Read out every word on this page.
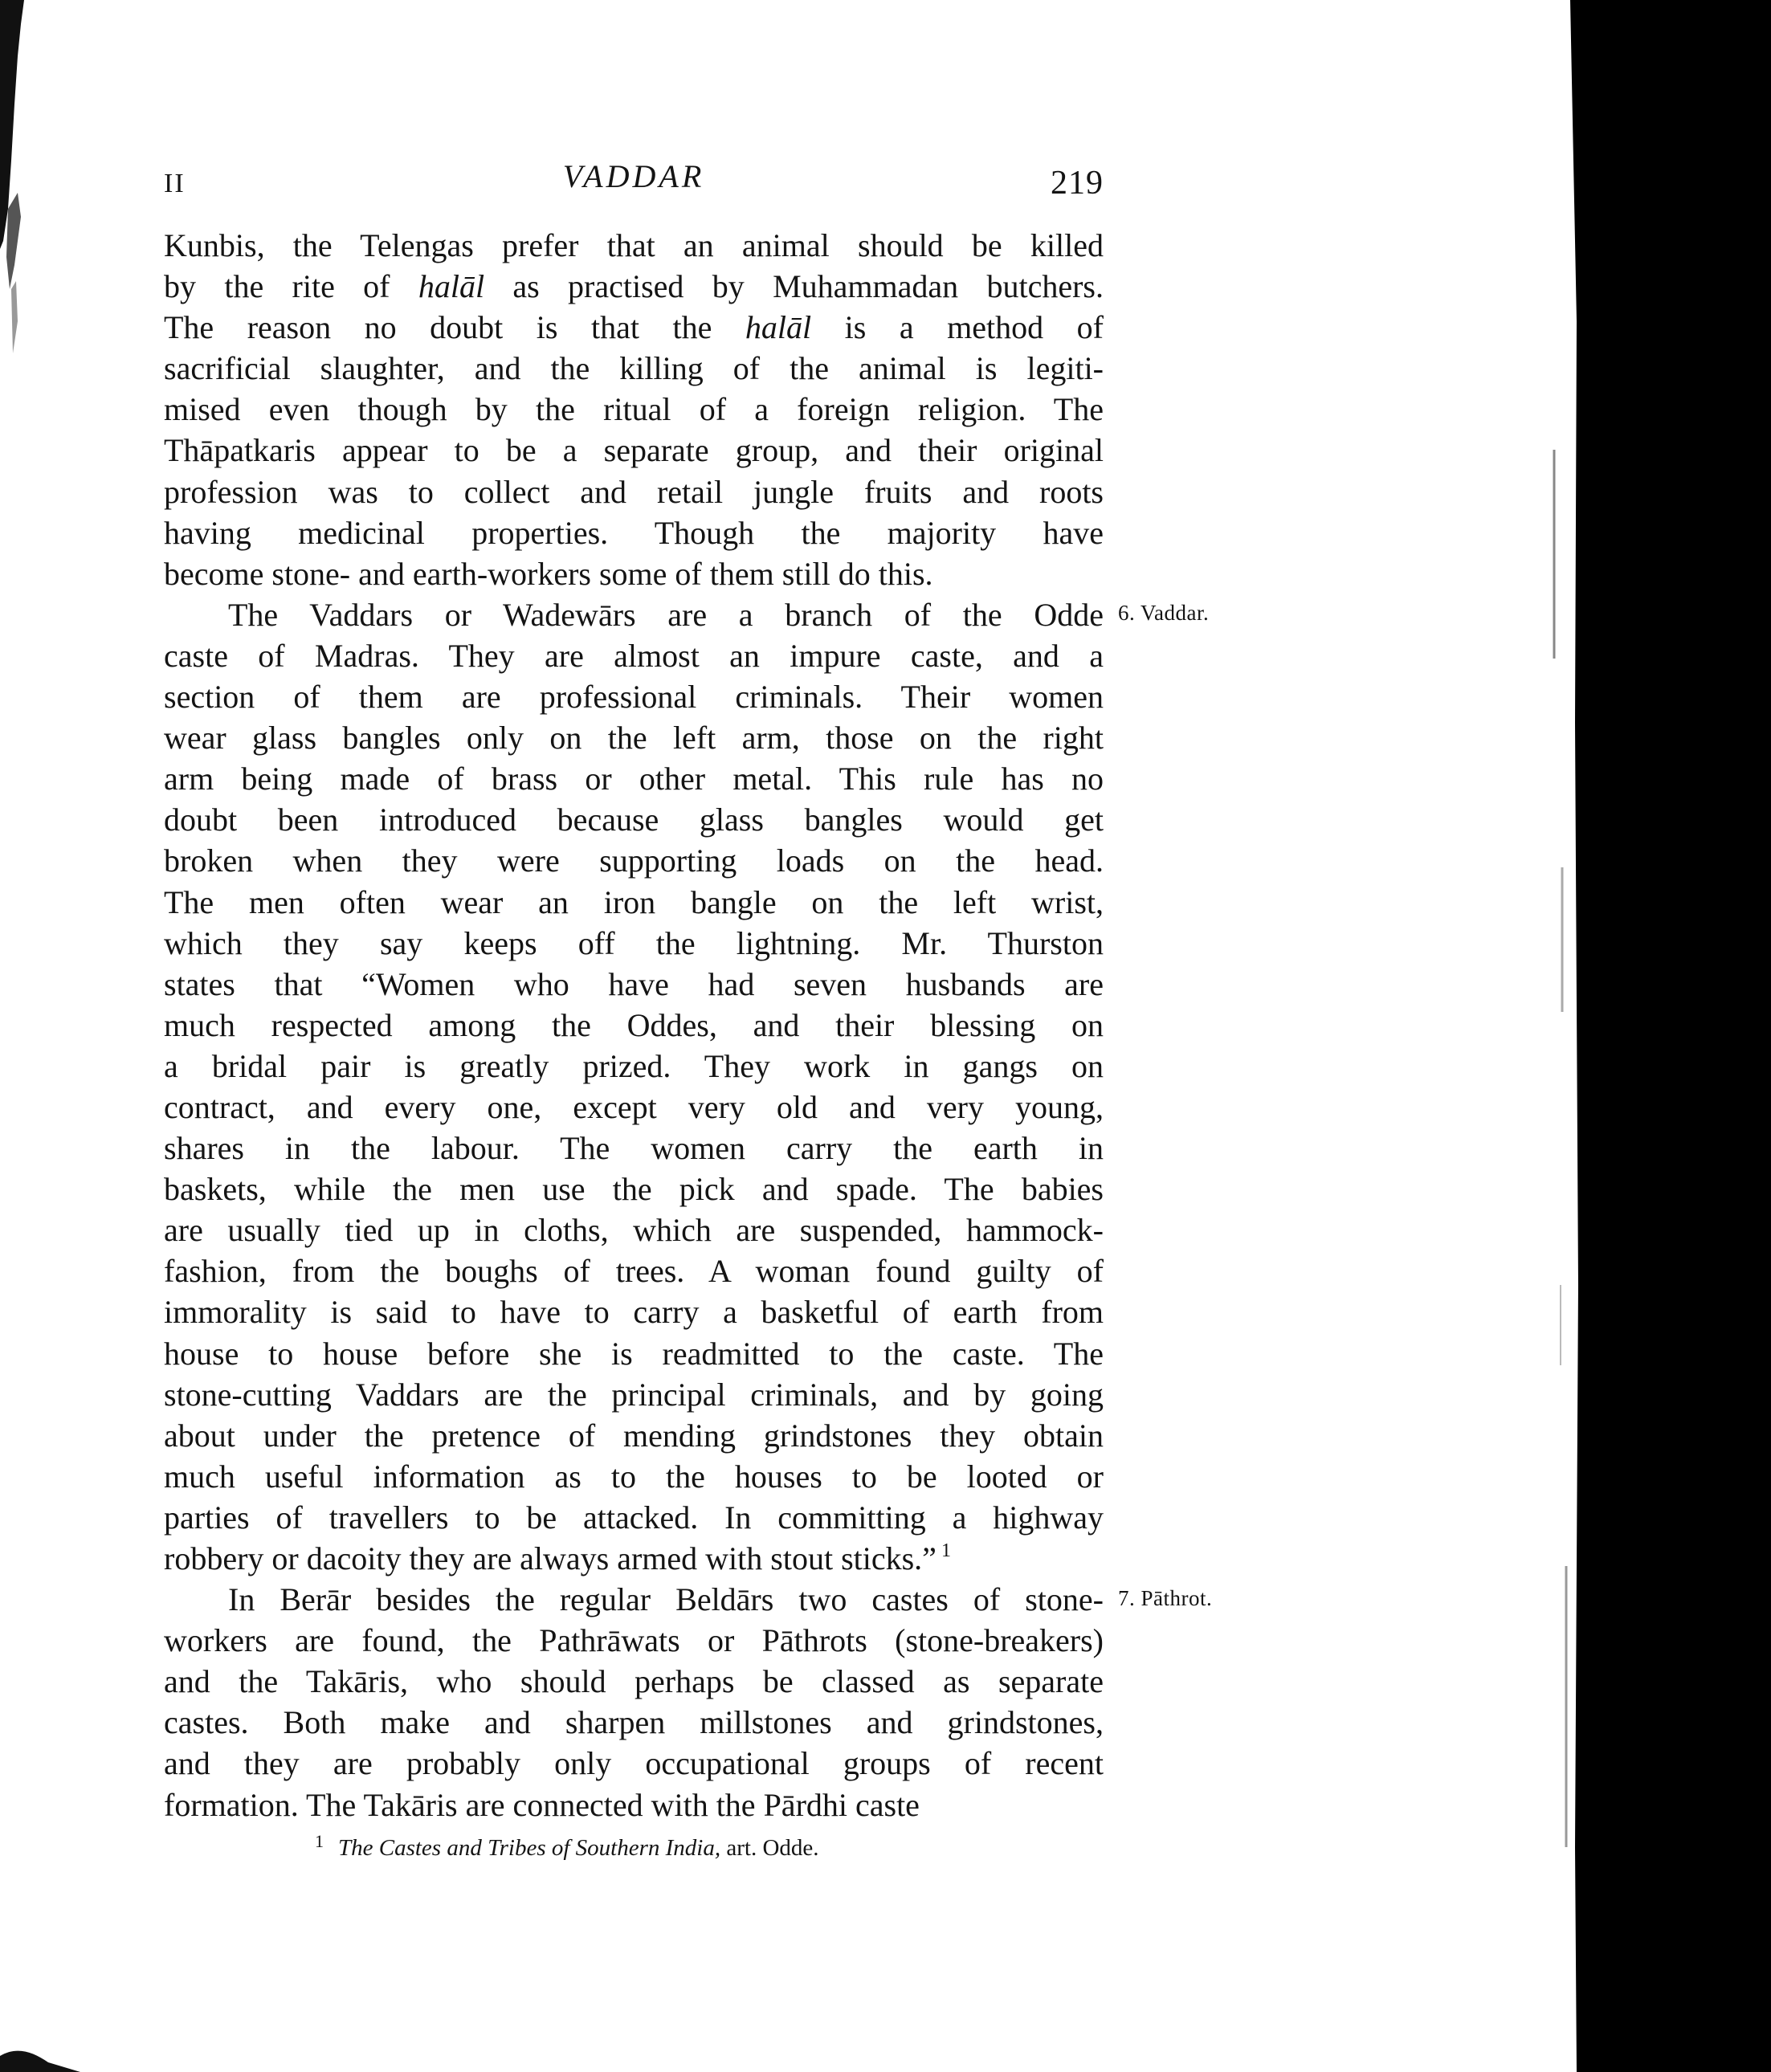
II	VADDAR	219
Kunbis, the Telengas prefer that an animal should be killed
by the rite of halāl as practised by Muhammadan butchers.
The reason no doubt is that the halāl is a method of
sacrificial slaughter, and the killing of the animal is legiti-
mised even though by the ritual of a foreign religion. The
Thāpatkaris appear to be a separate group, and their original
profession was to collect and retail jungle fruits and roots
having medicinal properties. Though the majority have
become stone- and earth-workers some of them still do this.
The Vaddars or Wadewārs are a branch of the Odde
caste of Madras. They are almost an impure caste, and a
section of them are professional criminals. Their women
wear glass bangles only on the left arm, those on the right
arm being made of brass or other metal. This rule has no
doubt been introduced because glass bangles would get
broken when they were supporting loads on the head.
The men often wear an iron bangle on the left wrist,
which they say keeps off the lightning. Mr. Thurston
states that “Women who have had seven husbands are
much respected among the Oddes, and their blessing on
a bridal pair is greatly prized. They work in gangs on
contract, and every one, except very old and very young,
shares in the labour. The women carry the earth in
baskets, while the men use the pick and spade. The babies
are usually tied up in cloths, which are suspended, hammock-
fashion, from the boughs of trees. A woman found guilty of
immorality is said to have to carry a basketful of earth from
house to house before she is readmitted to the caste. The
stone-cutting Vaddars are the principal criminals, and by going
about under the pretence of mending grindstones they obtain
much useful information as to the houses to be looted or
parties of travellers to be attacked. In committing a highway
robbery or dacoity they are always armed with stout sticks.” $^1$
In Berār besides the regular Beldārs two castes of stone-
workers are found, the Pathrāwats or Pāthrots (stone-breakers)
and the Takāris, who should perhaps be classed as separate
castes. Both make and sharpen millstones and grindstones,
and they are probably only occupational groups of recent
formation. The Takāris are connected with the Pārdhi caste
6. Vaddar.
7. Pāthrot.
$^1$ The Castes and Tribes of Southern India, art. Odde.
